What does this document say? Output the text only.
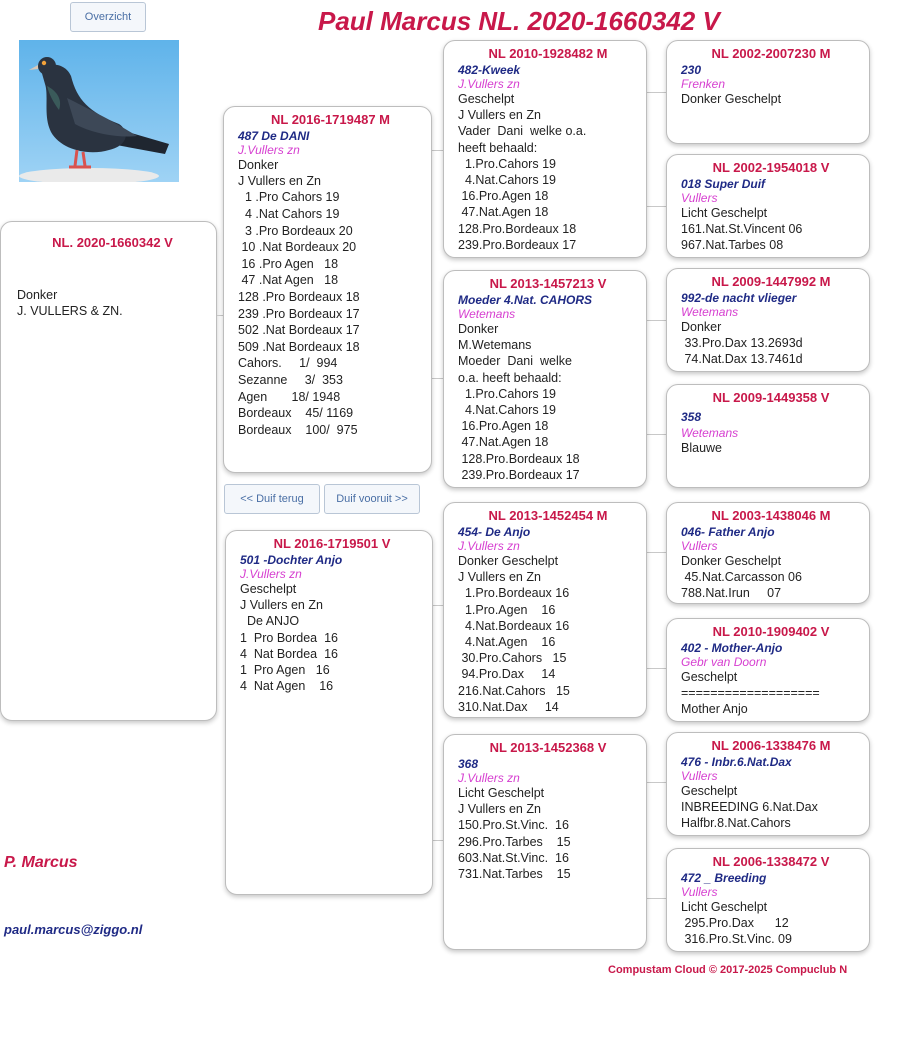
Overzicht	Paul Marcus NL. 2020-1660342 V
NL. 2020-1660342 V
Donker
J. VULLERS & ZN.
NL 2016-1719487 M
487 De DANI
J.Vullers zn
Donker
J Vullers en Zn
1 .Pro Cahors 19
4 .Nat Cahors 19
3 .Pro Bordeaux 20
10 .Nat Bordeaux 20
16 .Pro Agen   18
47 .Nat Agen   18
128 .Pro Bordeaux 18
239 .Pro Bordeaux 17
502 .Nat Bordeaux 17
509 .Nat Bordeaux 18
Cahors.     1/  994
Sezanne     3/  353
Agen       18/ 1948
Bordeaux    45/ 1169
Bordeaux    100/  975
<< Duif terug	Duif vooruit >>
NL 2016-1719501 V
501 -Dochter Anjo
J.Vullers zn
Geschelpt
J Vullers en Zn
De ANJO
1  Pro Bordea  16
4  Nat Bordea  16
1  Pro Agen   16
4  Nat Agen    16
NL 2010-1928482 M
482-Kweek
J.Vullers zn
Geschelpt
J Vullers en Zn
Vader  Dani  welke o.a.
heeft behaald:
1.Pro.Cahors 19
4.Nat.Cahors 19
16.Pro.Agen 18
47.Nat.Agen 18
128.Pro.Bordeaux 18
239.Pro.Bordeaux 17
NL 2013-1457213 V
Moeder 4.Nat. CAHORS
Wetemans
Donker
M.Wetemans
Moeder  Dani  welke
o.a. heeft behaald:
1.Pro.Cahors 19
4.Nat.Cahors 19
16.Pro.Agen 18
47.Nat.Agen 18
128.Pro.Bordeaux 18
239.Pro.Bordeaux 17
NL 2013-1452454 M
454- De Anjo
J.Vullers zn
Donker Geschelpt
J Vullers en Zn
1.Pro.Bordeaux 16
1.Pro.Agen    16
4.Nat.Bordeaux 16
4.Nat.Agen    16
30.Pro.Cahors   15
94.Pro.Dax     14
216.Nat.Cahors   15
310.Nat.Dax     14
NL 2013-1452368 V
368
J.Vullers zn
Licht Geschelpt
J Vullers en Zn
150.Pro.St.Vinc.  16
296.Pro.Tarbes    15
603.Nat.St.Vinc.  16
731.Nat.Tarbes    15
NL 2002-2007230 M
230
Frenken
Donker Geschelpt
NL 2002-1954018 V
018 Super Duif
Vullers
Licht Geschelpt
161.Nat.St.Vincent 06
967.Nat.Tarbes 08
NL 2009-1447992 M
992-de nacht vlieger
Wetemans
Donker
33.Pro.Dax 13.2693d
74.Nat.Dax 13.7461d
NL 2009-1449358 V
358
Wetemans
Blauwe
NL 2003-1438046 M
046- Father Anjo
Vullers
Donker Geschelpt
45.Nat.Carcasson 06
788.Nat.Irun     07
NL 2010-1909402 V
402 - Mother-Anjo
Gebr van Doorn
Geschelpt
===================
Mother Anjo
NL 2006-1338476 M
476 - Inbr.6.Nat.Dax
Vullers
Geschelpt
INBREEDING 6.Nat.Dax
Halfbr.8.Nat.Cahors
NL 2006-1338472 V
472 _ Breeding
Vullers
Licht Geschelpt
295.Pro.Dax      12
316.Pro.St.Vinc. 09
P. Marcus
paul.marcus@ziggo.nl
Compustam Cloud © 2017-2025 Compuclub N
